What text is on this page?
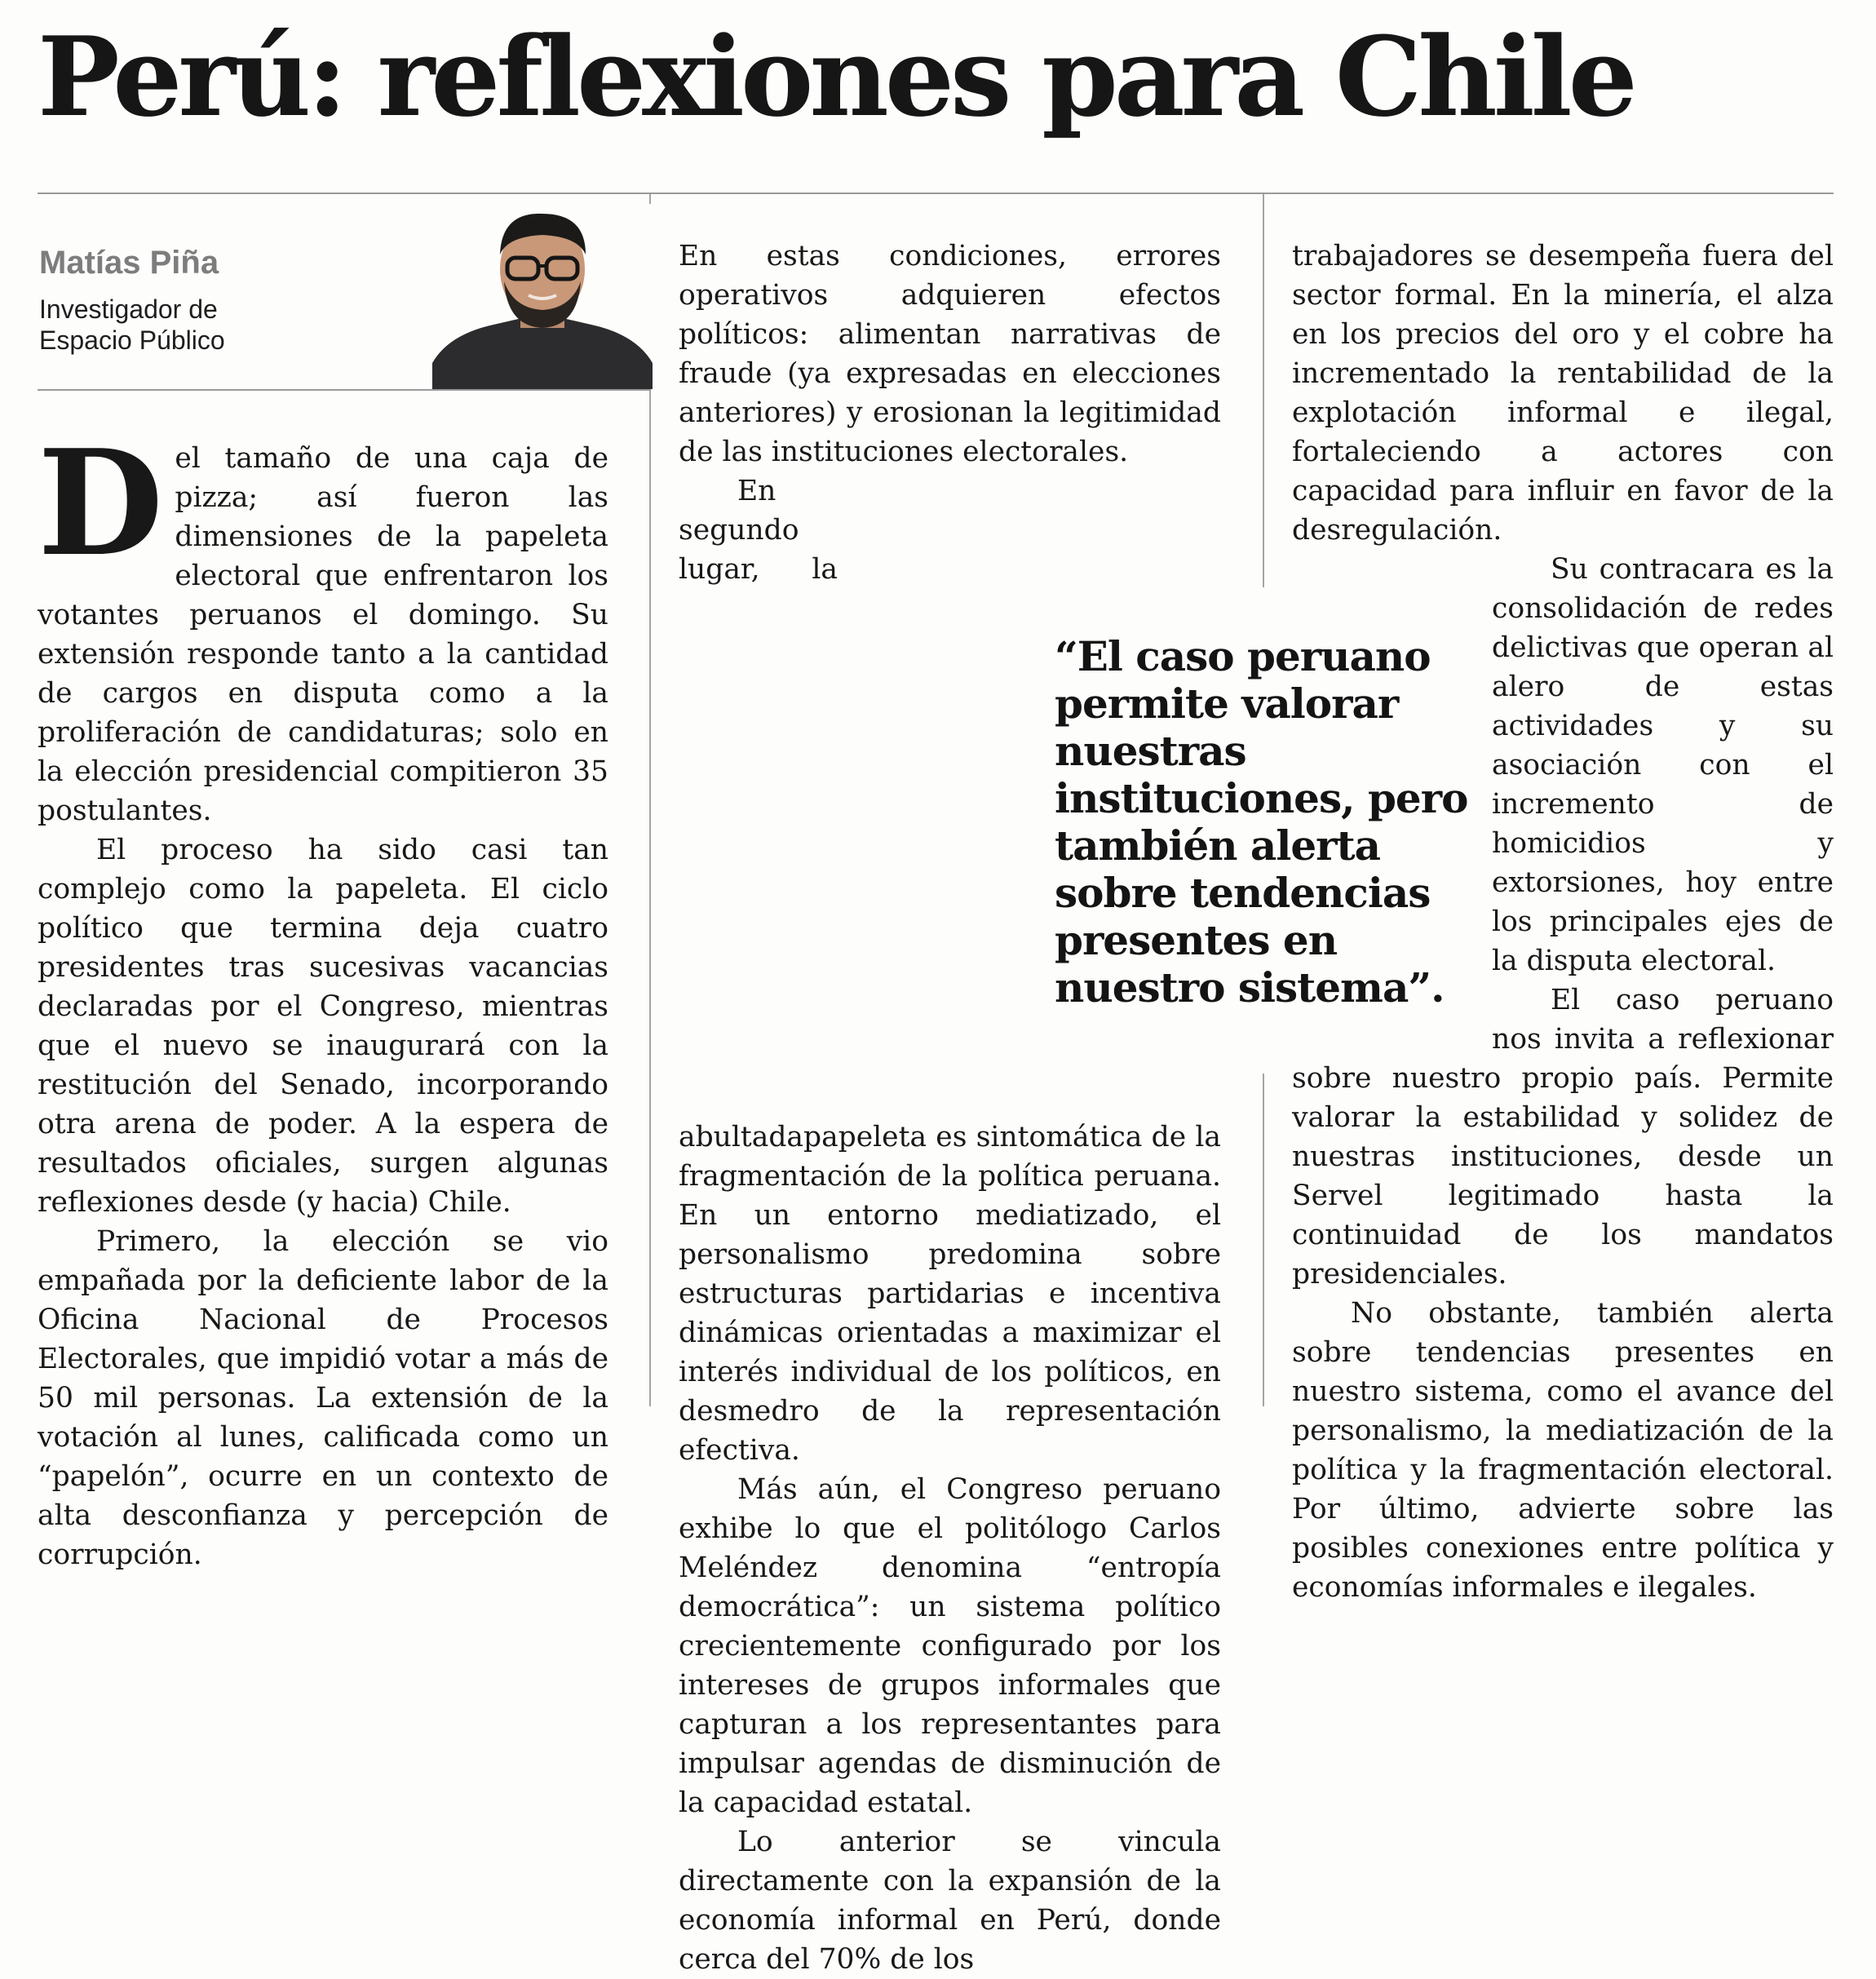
Perú: reflexiones para Chile

Matías Piña

Investigador de
Espacio Público

Del tamaño de una caja de pizza; así fueron las dimensiones de la papeleta electoral que enfrentaron los votantes peruanos el domingo. Su extensión responde tanto a la cantidad de cargos en disputa como a la proliferación de candidaturas; solo en la elección presidencial compitieron 35 postulantes.

El proceso ha sido casi tan complejo como la papeleta. El ciclo político que termina deja cuatro presidentes tras sucesivas vacancias declaradas por el Congreso, mientras que el nuevo se inaugurará con la restitución del Senado, incorporando otra arena de poder. A la espera de resultados oficiales, surgen algunas reflexiones desde (y hacia) Chile.

Primero, la elección se vio empañada por la deficiente labor de la Oficina Nacional de Procesos Electorales, que impidió votar a más de 50 mil personas. La extensión de la votación al lunes, calificada como un “papelón”, ocurre en un contexto de alta desconfianza y percepción de corrupción.

En estas condiciones, errores operativos adquieren efectos políticos: alimentan narrativas de fraude (ya expresadas en elecciones anteriores) y erosionan la legitimidad de las instituciones electorales.

En segundo lugar, la abultadapapeleta es sintomática de la fragmentación de la política peruana. En un entorno mediatizado, el personalismo predomina sobre estructuras partidarias e incentiva dinámicas orientadas a maximizar el interés individual de los políticos, en desmedro de la representación efectiva.

Más aún, el Congreso peruano exhibe lo que el politólogo Carlos Meléndez denomina “entropía democrática”: un sistema político crecientemente configurado por los intereses de grupos informales que capturan a los representantes para impulsar agendas de disminución de la capacidad estatal.

Lo anterior se vincula directamente con la expansión de la economía informal en Perú, donde cerca del 70% de los

trabajadores se desempeña fuera del sector formal. En la minería, el alza en los precios del oro y el cobre ha incrementado la rentabilidad de la explotación informal e ilegal, fortaleciendo a actores con capacidad para influir en favor de la desregulación.

Su contracara es la consolidación de redes delictivas que operan al alero de estas actividades y su asociación con el incremento de homicidios y extorsiones, hoy entre los principales ejes de la disputa electoral.

El caso peruano nos invita a reflexionar sobre nuestro propio país. Permite valorar la estabilidad y solidez de nuestras instituciones, desde un Servel legitimado hasta la continuidad de los mandatos presidenciales.

No obstante, también alerta sobre tendencias presentes en nuestro sistema, como el avance del personalismo, la mediatización de la política y la fragmentación electoral. Por último, advierte sobre las posibles conexiones entre política y economías informales e ilegales.

“El caso peruano permite valorar nuestras instituciones, pero también alerta sobre tendencias presentes en nuestro sistema”.
